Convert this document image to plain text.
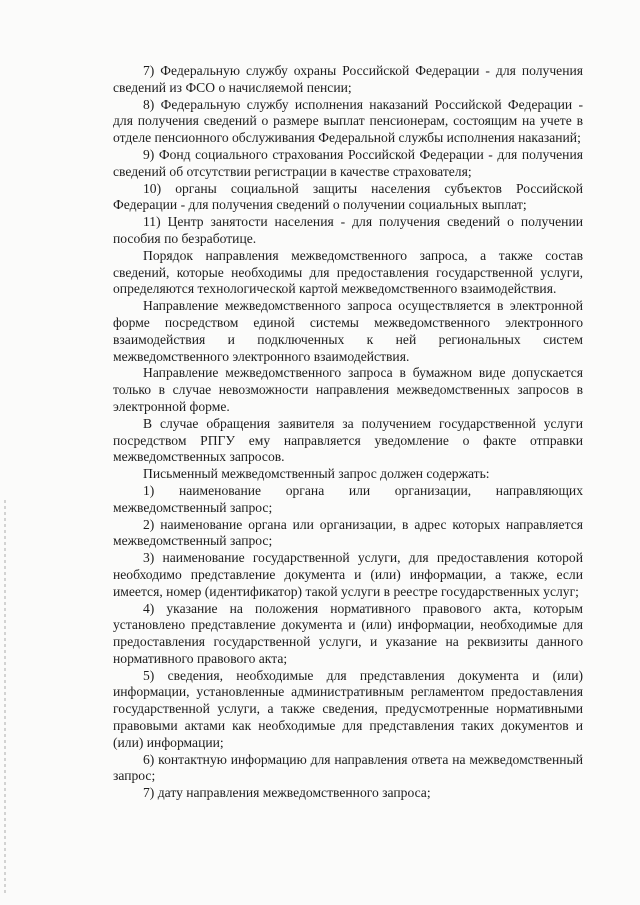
7) Федеральную службу охраны Российской Федерации - для получения сведений из ФСО о начисляемой пенсии;

8) Федеральную службу исполнения наказаний Российской Федерации - для получения сведений о размере выплат пенсионерам, состоящим на учете в отделе пенсионного обслуживания Федеральной службы исполнения наказаний;

9) Фонд социального страхования Российской Федерации - для получения сведений об отсутствии регистрации в качестве страхователя;

10) органы социальной защиты населения субъектов Российской Федерации - для получения сведений о получении социальных выплат;

11) Центр занятости населения - для получения сведений о получении пособия по безработице.

Порядок направления межведомственного запроса, а также состав сведений, которые необходимы для предоставления государственной услуги, определяются технологической картой межведомственного взаимодействия.

Направление межведомственного запроса осуществляется в электронной форме посредством единой системы межведомственного электронного взаимодействия и подключенных к ней региональных систем межведомственного электронного взаимодействия.

Направление межведомственного запроса в бумажном виде допускается только в случае невозможности направления межведомственных запросов в электронной форме.

В случае обращения заявителя за получением государственной услуги посредством РПГУ ему направляется уведомление о факте отправки межведомственных запросов.

Письменный межведомственный запрос должен содержать:

1) наименование органа или организации, направляющих межведомственный запрос;

2) наименование органа или организации, в адрес которых направляется межведомственный запрос;

3) наименование государственной услуги, для предоставления которой необходимо представление документа и (или) информации, а также, если имеется, номер (идентификатор) такой услуги в реестре государственных услуг;

4) указание на положения нормативного правового акта, которым установлено представление документа и (или) информации, необходимые для предоставления государственной услуги, и указание на реквизиты данного нормативного правового акта;

5) сведения, необходимые для представления документа и (или) информации, установленные административным регламентом предоставления государственной услуги, а также сведения, предусмотренные нормативными правовыми актами как необходимые для представления таких документов и (или) информации;

6) контактную информацию для направления ответа на межведомственный запрос;

7) дату направления межведомственного запроса;
